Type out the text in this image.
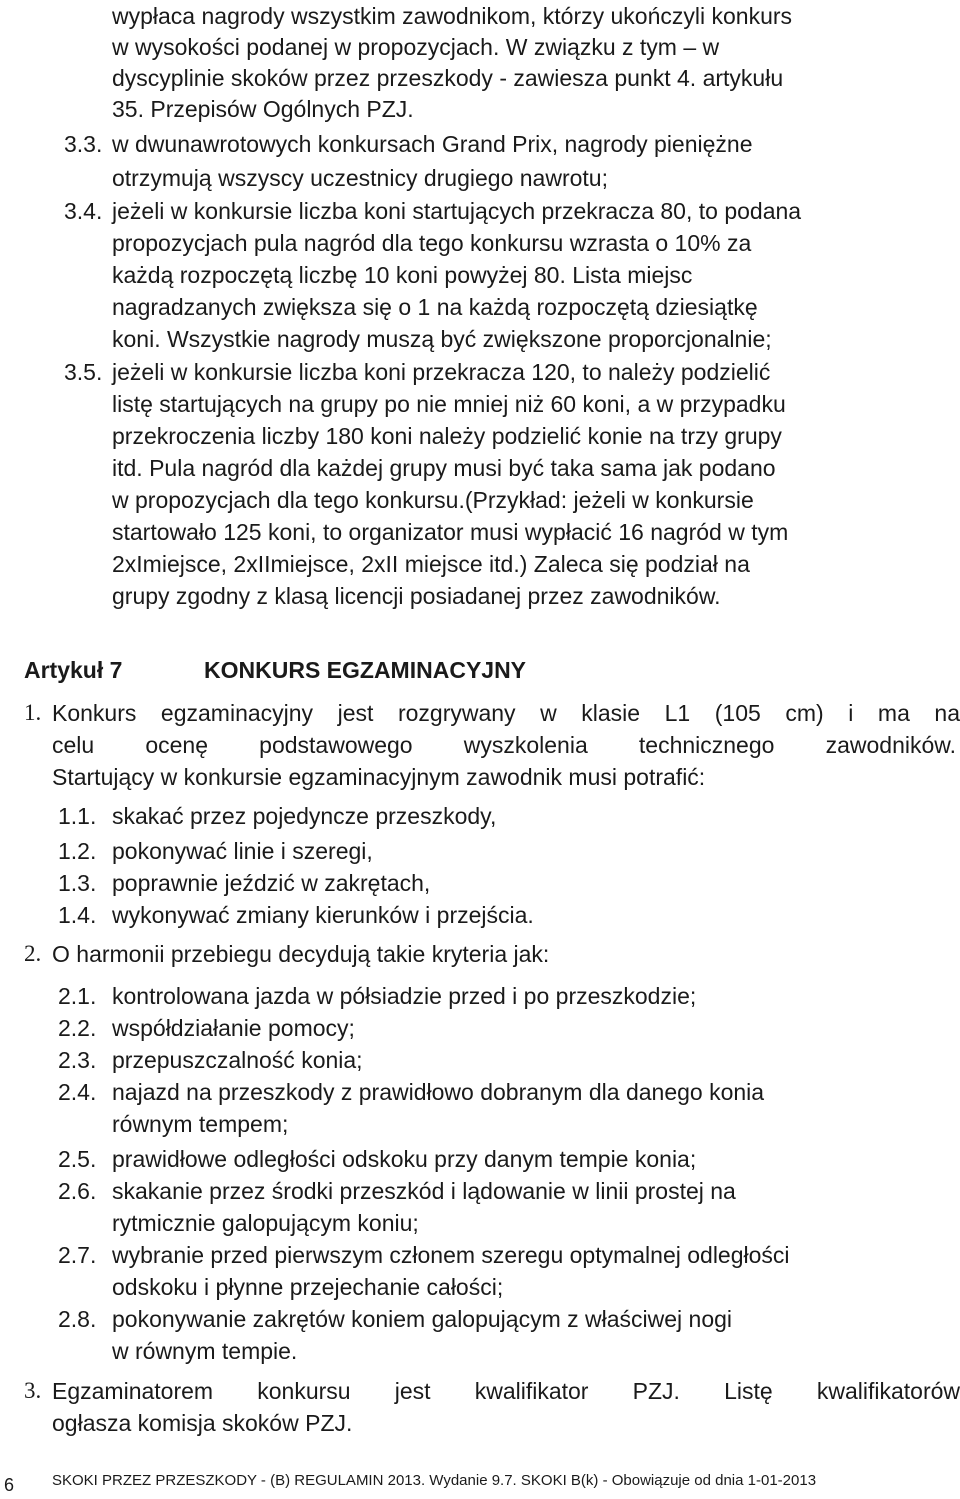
wypłaca nagrody wszystkim zawodnikom, którzy ukończyli konkurs
w wysokości podanej w propozycjach. W związku z tym – w
dyscyplinie skoków przez przeszkody - zawiesza punkt 4. artykułu
35. Przepisów Ogólnych PZJ.
3.3. w dwunawrotowych konkursach Grand Prix, nagrody pieniężne
otrzymują wszyscy uczestnicy drugiego nawrotu;
3.4. jeżeli w konkursie liczba koni startujących przekracza 80, to podana
propozycjach pula nagród dla tego konkursu wzrasta o 10% za
każdą rozpoczętą liczbę 10 koni powyżej 80. Lista miejsc
nagradzanych zwiększa się o 1 na każdą rozpoczętą dziesiątkę
koni. Wszystkie nagrody muszą być zwiększone proporcjonalnie;
3.5. jeżeli w konkursie liczba koni przekracza 120, to należy podzielić
listę startujących na grupy po nie mniej niż 60 koni, a w przypadku
przekroczenia liczby 180 koni należy podzielić konie na trzy grupy
itd. Pula nagród dla każdej grupy musi być taka sama jak podano
w propozycjach dla tego konkursu.(Przykład: jeżeli w konkursie
startowało 125 koni, to organizator musi wypłacić 16 nagród w tym
2xImiejsce, 2xIImiejsce, 2xII miejsce itd.) Zaleca się podział na
grupy zgodny z klasą licencji posiadanej przez zawodników.
Artykuł 7	KONKURS EGZAMINACYJNY
1. Konkurs egzaminacyjny jest rozgrywany w klasie L1 (105 cm) i ma na
celu ocenę podstawowego wyszkolenia technicznego zawodników.
Startujący w konkursie egzaminacyjnym zawodnik musi potrafić:
1.1. skakać przez pojedyncze przeszkody,
1.2. pokonywać linie i szeregi,
1.3. poprawnie jeździć w zakrętach,
1.4. wykonywać zmiany kierunków i przejścia.
2. O harmonii przebiegu decydują takie kryteria jak:
2.1. kontrolowana jazda w półsiadzie przed i po przeszkodzie;
2.2. współdziałanie pomocy;
2.3. przepuszczalność konia;
2.4. najazd na przeszkody z prawidłowo dobranym dla danego konia
równym tempem;
2.5. prawidłowe odległości odskoku przy danym tempie konia;
2.6. skakanie przez środki przeszkód i lądowanie w linii prostej na
rytmicznie galopującym koniu;
2.7. wybranie przed pierwszym członem szeregu optymalnej odległości
odskoku i płynne przejechanie całości;
2.8. pokonywanie zakrętów koniem galopującym z właściwej nogi
w równym tempie.
3. Egzaminatorem konkursu jest kwalifikator PZJ. Listę kwalifikatorów
ogłasza komisja skoków PZJ.
6	SKOKI PRZEZ PRZESZKODY - (B) REGULAMIN 2013. Wydanie 9.7. SKOKI B(k) - Obowiązuje od dnia 1-01-2013
